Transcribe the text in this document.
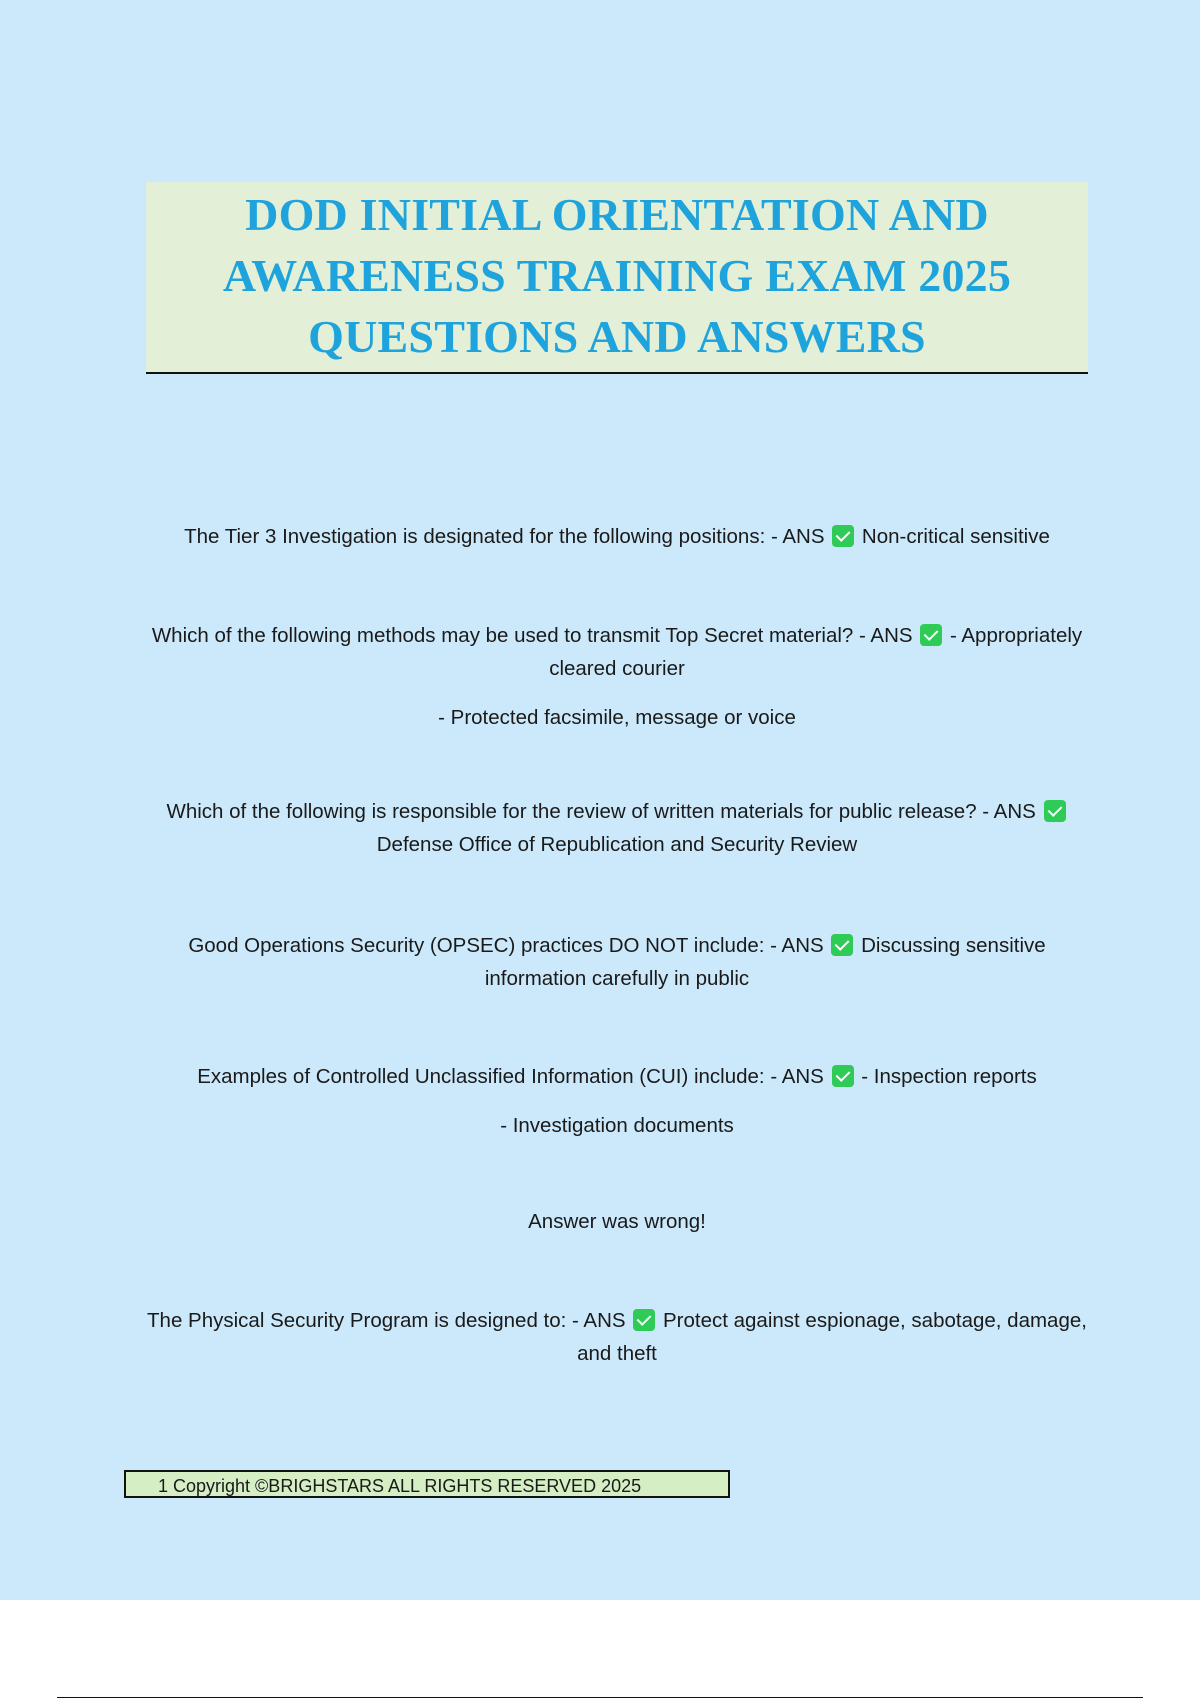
DOD INITIAL ORIENTATION AND
AWARENESS TRAINING EXAM 2025
QUESTIONS AND ANSWERS

The Tier 3 Investigation is designated for the following positions: - ANS Non-critical sensitive

Which of the following methods may be used to transmit Top Secret material? - ANS - Appropriately cleared courier

- Protected facsimile, message or voice

Which of the following is responsible for the review of written materials for public release? - ANS  Defense Office of Republication and Security Review

Good Operations Security (OPSEC) practices DO NOT include: - ANS Discussing sensitive information carefully in public

Examples of Controlled Unclassified Information (CUI) include: - ANS - Inspection reports

- Investigation documents

Answer was wrong!

The Physical Security Program is designed to: - ANS Protect against espionage, sabotage, damage, and theft

1 Copyright ©BRIGHSTARS ALL RIGHTS RESERVED 2025
